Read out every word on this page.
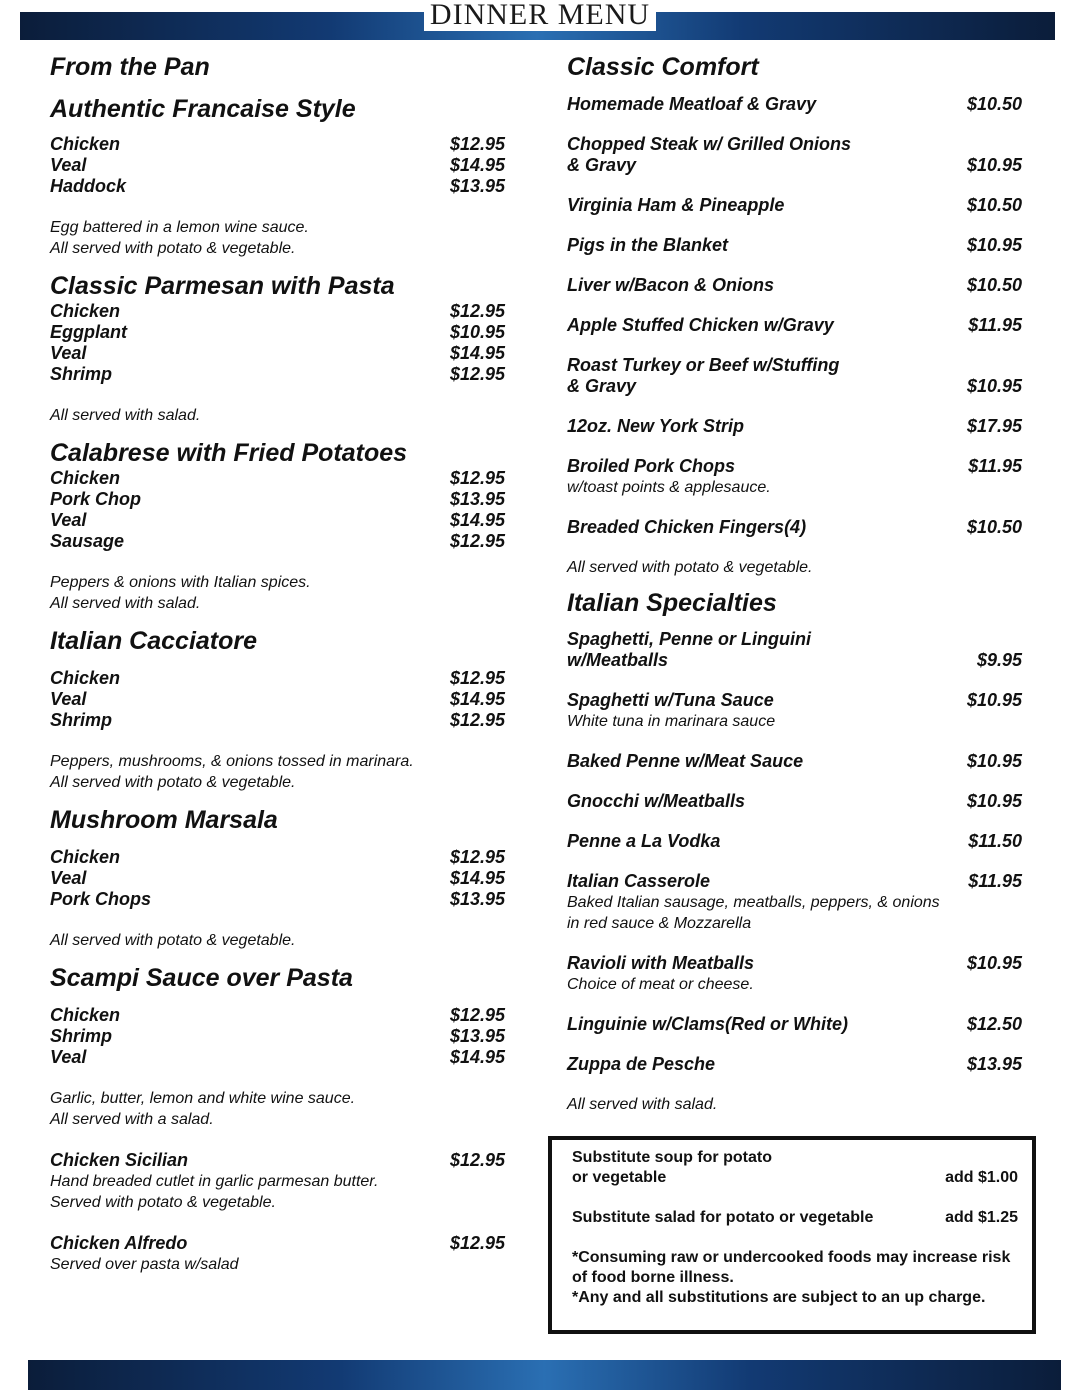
DINNER MENU
From the Pan
Authentic Francaise Style
Chicken	$12.95
Veal	$14.95
Haddock	$13.95
Egg battered in a lemon wine sauce.
All served with potato & vegetable.
Classic Parmesan with Pasta
Chicken	$12.95
Eggplant	$10.95
Veal	$14.95
Shrimp	$12.95
All served with salad.
Calabrese with Fried Potatoes
Chicken	$12.95
Pork Chop	$13.95
Veal	$14.95
Sausage	$12.95
Peppers & onions with Italian spices.
All served with salad.
Italian Cacciatore
Chicken	$12.95
Veal	$14.95
Shrimp	$12.95
Peppers, mushrooms, & onions tossed in marinara.
All served with potato & vegetable.
Mushroom Marsala
Chicken	$12.95
Veal	$14.95
Pork Chops	$13.95
All served with potato & vegetable.
Scampi Sauce over Pasta
Chicken	$12.95
Shrimp	$13.95
Veal	$14.95
Garlic, butter, lemon and white wine sauce.
All served with a salad.
Chicken Sicilian	$12.95
Hand breaded cutlet in garlic parmesan butter.
Served with potato & vegetable.
Chicken Alfredo	$12.95
Served over pasta w/salad
Classic Comfort
Homemade Meatloaf & Gravy	$10.50
Chopped Steak w/ Grilled Onions
& Gravy	$10.95
Virginia Ham & Pineapple	$10.50
Pigs in the Blanket	$10.95
Liver w/Bacon & Onions	$10.50
Apple Stuffed Chicken w/Gravy	$11.95
Roast Turkey or Beef w/Stuffing
& Gravy	$10.95
12oz. New York Strip	$17.95
Broiled Pork Chops	$11.95
w/toast points & applesauce.
Breaded Chicken Fingers(4)	$10.50
All served with potato & vegetable.
Italian Specialties
Spaghetti, Penne or Linguini
w/Meatballs	$9.95
Spaghetti w/Tuna Sauce	$10.95
White tuna in marinara sauce
Baked Penne w/Meat Sauce	$10.95
Gnocchi w/Meatballs	$10.95
Penne a La Vodka	$11.50
Italian Casserole	$11.95
Baked Italian sausage, meatballs, peppers, & onions
in red sauce & Mozzarella
Ravioli with Meatballs	$10.95
Choice of meat or cheese.
Linguinie w/Clams(Red or White)	$12.50
Zuppa de Pesche	$13.95
All served with salad.
Substitute soup for potato
or vegetable	add $1.00
Substitute salad for potato or vegetable	add $1.25
*Consuming raw or undercooked foods may increase risk of food borne illness.
*Any and all substitutions are subject to an up charge.
